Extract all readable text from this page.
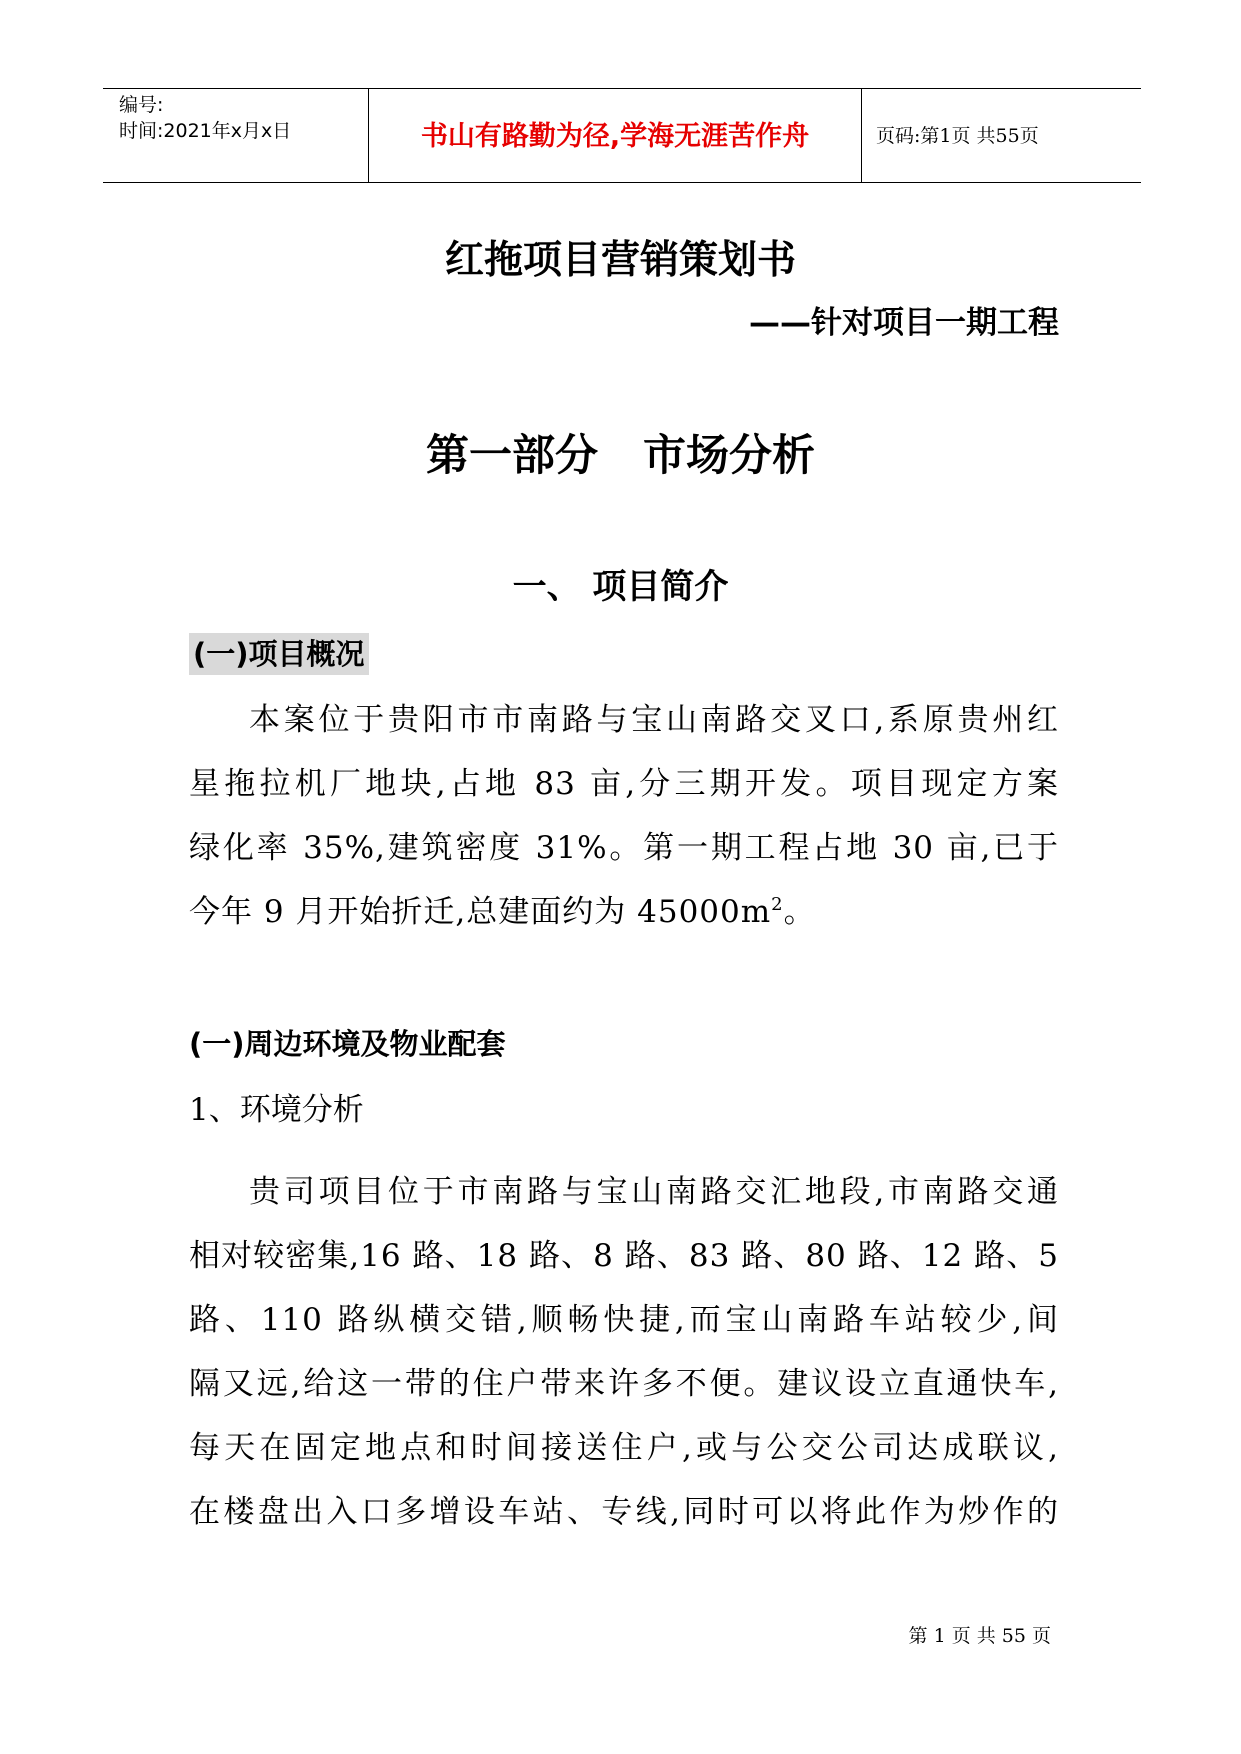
编号:
时间:2021年x月x日	书山有路勤为径,学海无涯苦作舟	页码:第1页 共55页
红拖项目营销策划书
——针对项目一期工程
第一部分   市场分析
一、 项目简介
(一)项目概况
本案位于贵阳市市南路与宝山南路交叉口,系原贵州红
星拖拉机厂地块,占地 83 亩,分三期开发。项目现定方案
绿化率 35%,建筑密度 31%。第一期工程占地 30 亩,已于
今年 9 月开始折迁,总建面约为 $45000m^2$。
(一)周边环境及物业配套
1、环境分析
贵司项目位于市南路与宝山南路交汇地段,市南路交通
相对较密集,16 路、18 路、8 路、83 路、80 路、12 路、5
路、110 路纵横交错,顺畅快捷,而宝山南路车站较少,间
隔又远,给这一带的住户带来许多不便。建议设立直通快车,
每天在固定地点和时间接送住户,或与公交公司达成联议,
在楼盘出入口多增设车站、专线,同时可以将此作为炒作的
第 1 页 共 55 页
